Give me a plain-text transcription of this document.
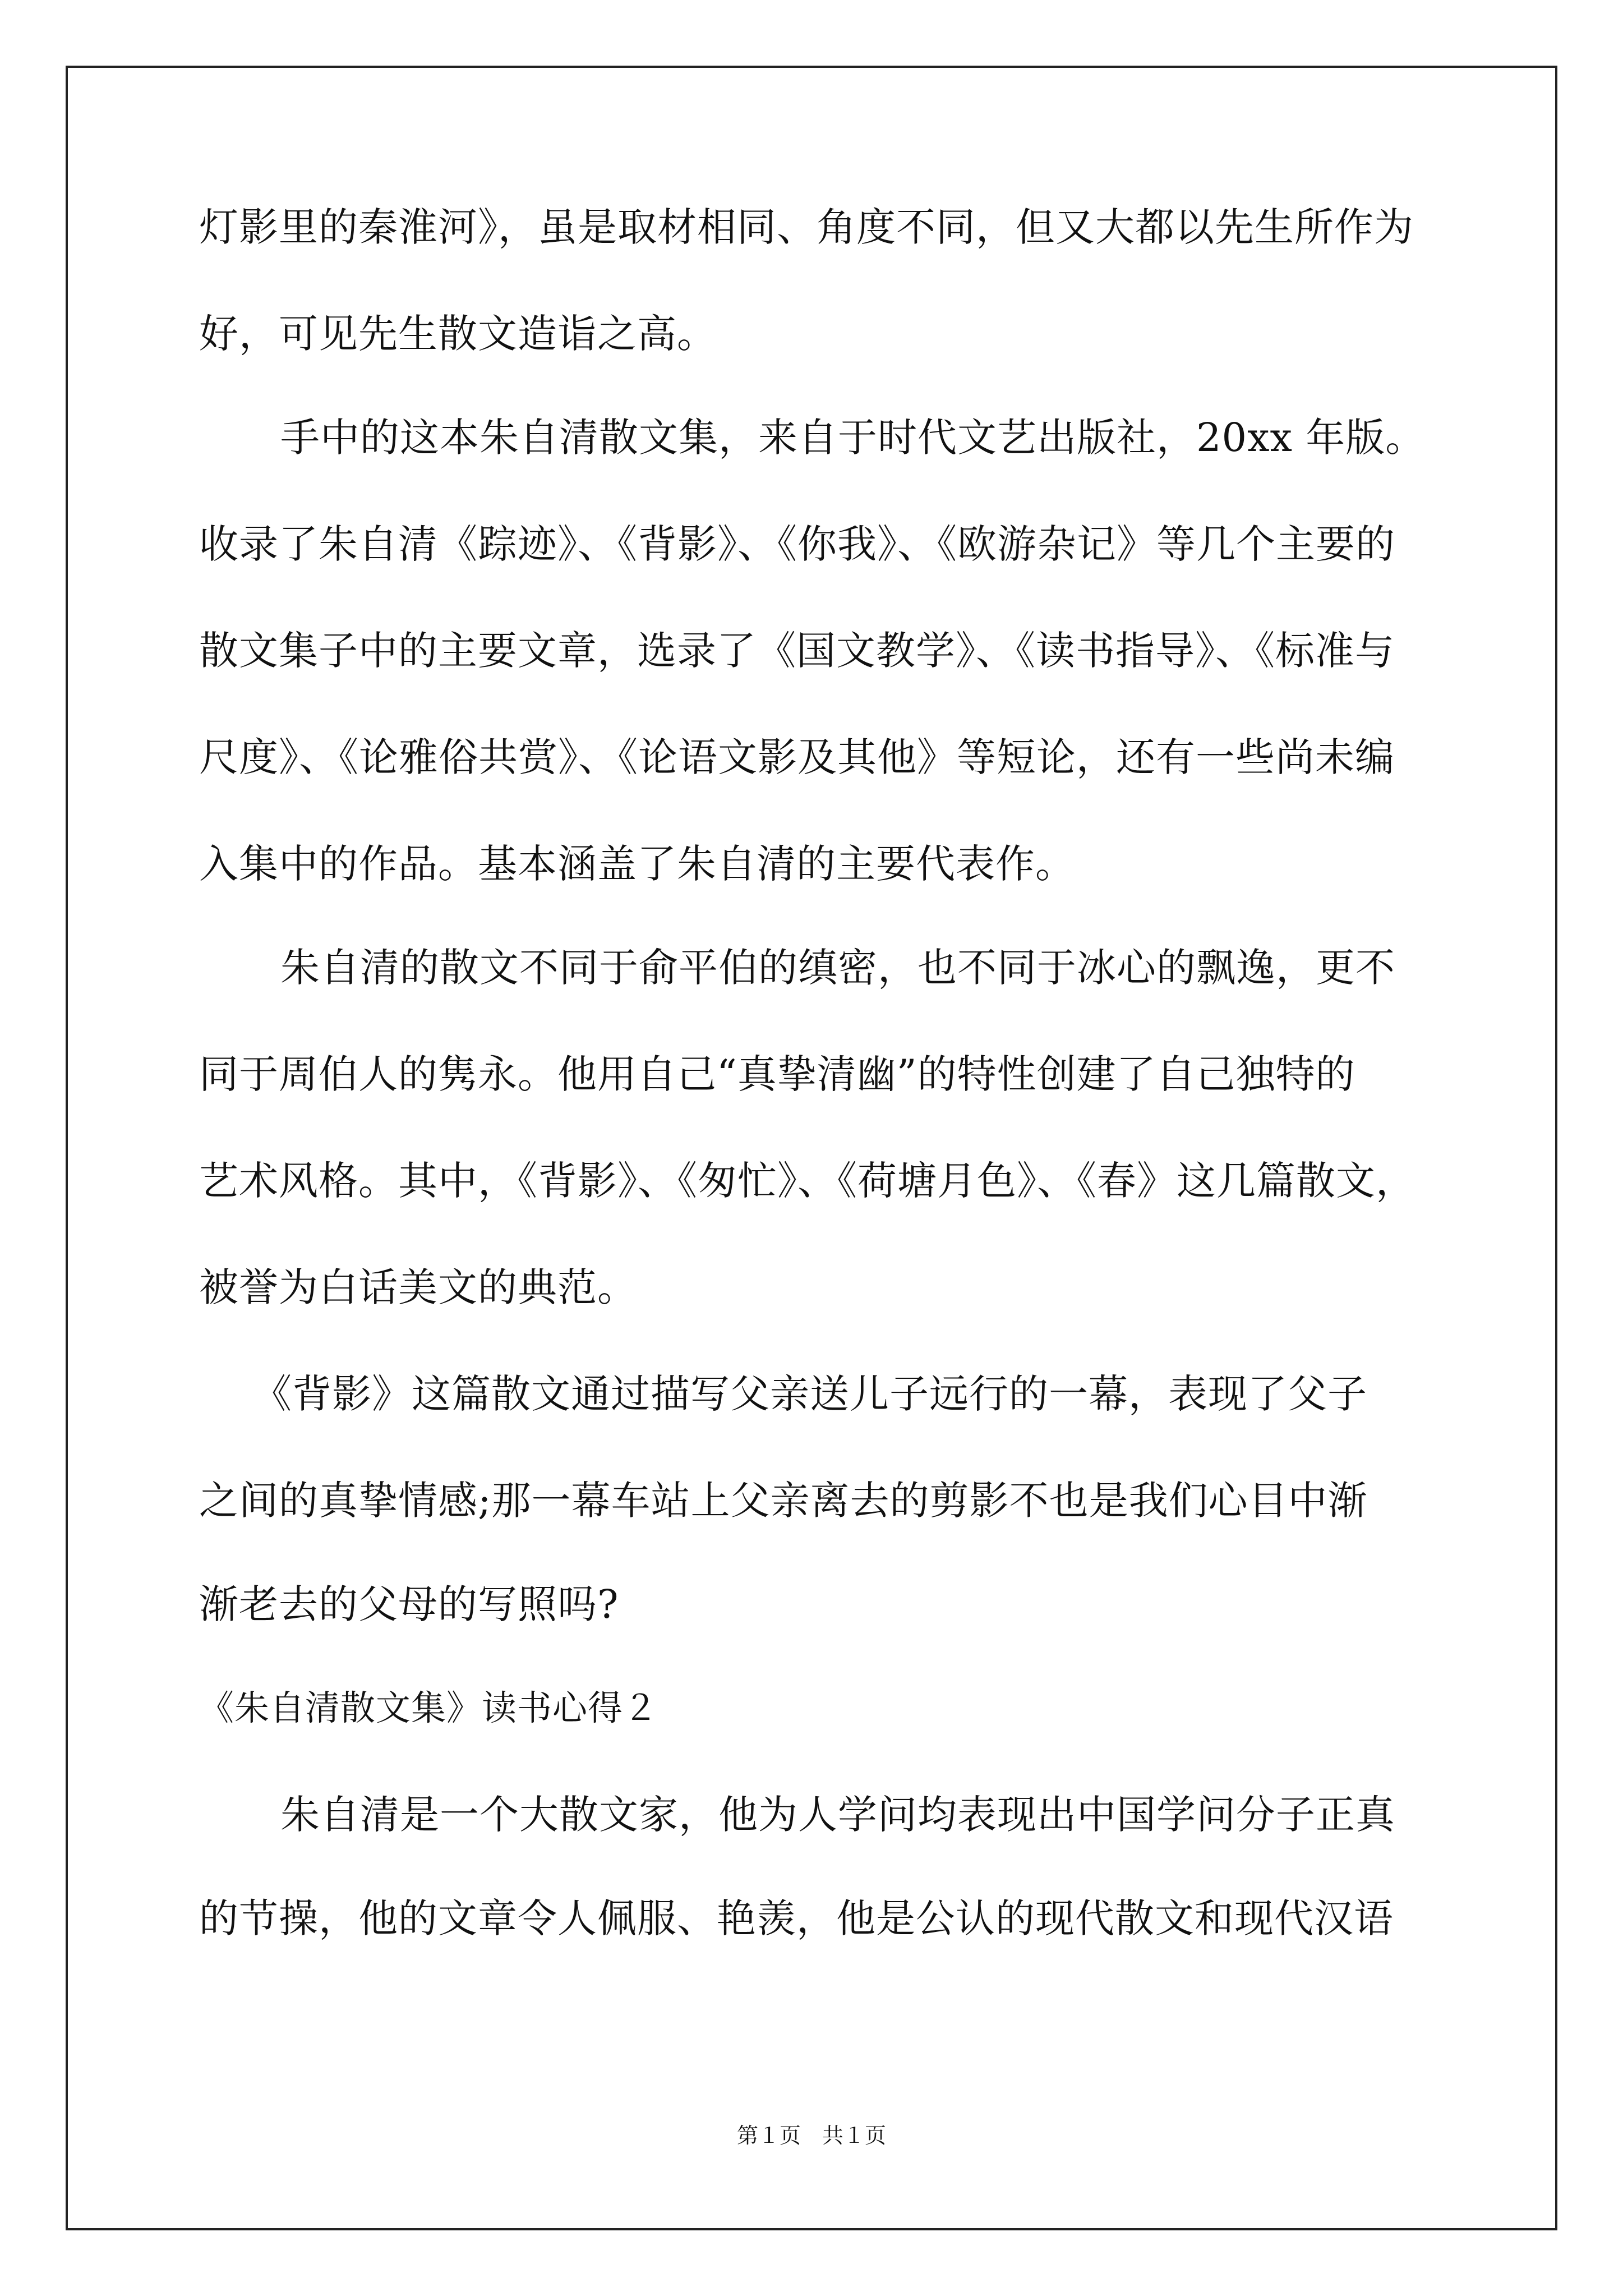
灯影里的秦淮河》，虽是取材相同、角度不同，但又大都以先生所作为
好，可见先生散文造诣之高。
手中的这本朱自清散文集，来自于时代文艺出版社，20xx 年版。
收录了朱自清《踪迹》、《背影》、《你我》、《欧游杂记》等几个主要的
散文集子中的主要文章，选录了《国文教学》、《读书指导》、《标准与
尺度》、《论雅俗共赏》、《论语文影及其他》等短论，还有一些尚未编
入集中的作品。基本涵盖了朱自清的主要代表作。
朱自清的散文不同于俞平伯的缜密，也不同于冰心的飘逸，更不
同于周伯人的隽永。他用自己“真挚清幽”的特性创建了自己独特的
艺术风格。其中，《背影》、《匆忙》、《荷塘月色》、《春》这几篇散文，
被誉为白话美文的典范。
《背影》这篇散文通过描写父亲送儿子远行的一幕，表现了父子
之间的真挚情感;那一幕车站上父亲离去的剪影不也是我们心目中渐
渐老去的父母的写照吗?
《朱自清散文集》读书心得２
朱自清是一个大散文家，他为人学问均表现出中国学问分子正真
的节操，他的文章令人佩服、艳羡，他是公认的现代散文和现代汉语
第１页　共１页
